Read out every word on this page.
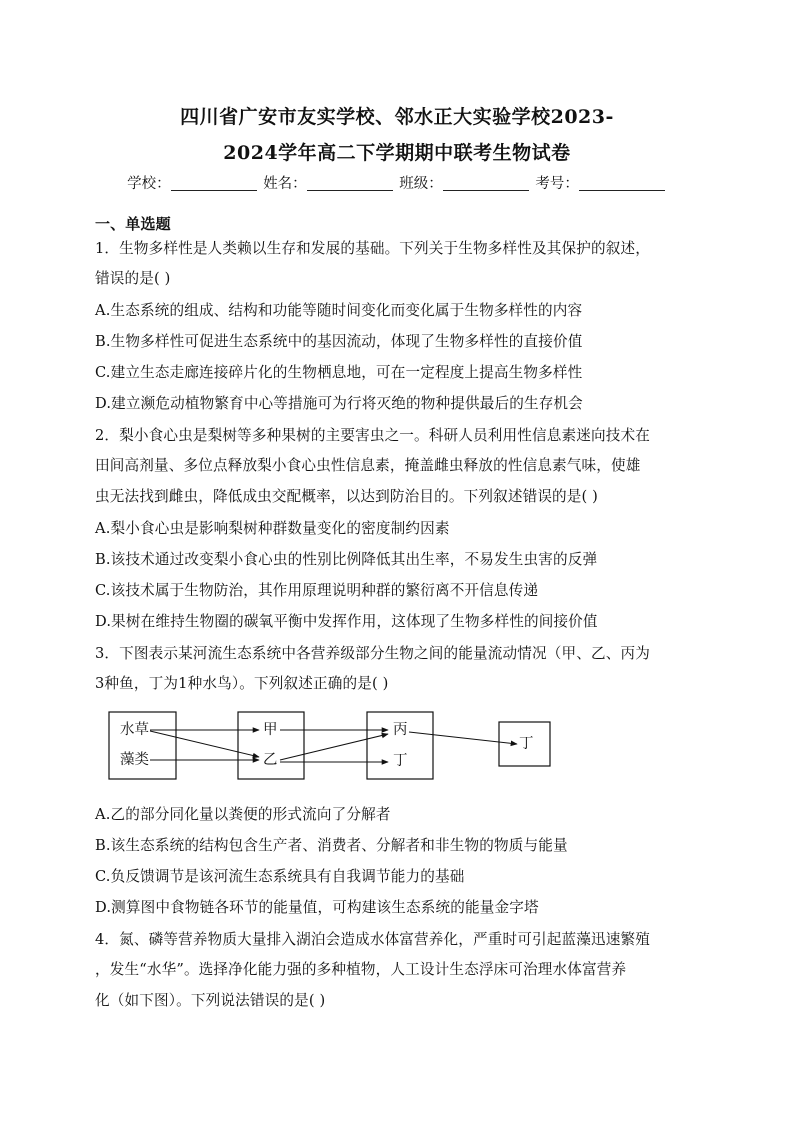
四川省广安市友实学校、邻水正大实验学校2023-
2024学年高二下学期期中联考生物试卷
学校：	姓名：	班级：	考号：
一、单选题
1．生物多样性是人类赖以生存和发展的基础。下列关于生物多样性及其保护的叙述，
错误的是( )
A.生态系统的组成、结构和功能等随时间变化而变化属于生物多样性的内容
B.生物多样性可促进生态系统中的基因流动，体现了生物多样性的直接价值
C.建立生态走廊连接碎片化的生物栖息地，可在一定程度上提高生物多样性
D.建立濒危动植物繁育中心等措施可为行将灭绝的物种提供最后的生存机会
2．梨小食心虫是梨树等多种果树的主要害虫之一。科研人员利用性信息素迷向技术在
田间高剂量、多位点释放梨小食心虫性信息素，掩盖雌虫释放的性信息素气味，使雄
虫无法找到雌虫，降低成虫交配概率，以达到防治目的。下列叙述错误的是( )
A.梨小食心虫是影响梨树种群数量变化的密度制约因素
B.该技术通过改变梨小食心虫的性别比例降低其出生率，不易发生虫害的反弹
C.该技术属于生物防治，其作用原理说明种群的繁衍离不开信息传递
D.果树在维持生物圈的碳氧平衡中发挥作用，这体现了生物多样性的间接价值
3．下图表示某河流生态系统中各营养级部分生物之间的能量流动情况（甲、乙、丙为
3种鱼，丁为1种水鸟）。下列叙述正确的是( )
水草
藻类
甲
乙
丙
丁
丁
A.乙的部分同化量以粪便的形式流向了分解者
B.该生态系统的结构包含生产者、消费者、分解者和非生物的物质与能量
C.负反馈调节是该河流生态系统具有自我调节能力的基础
D.测算图中食物链各环节的能量值，可构建该生态系统的能量金字塔
4．氮、磷等营养物质大量排入湖泊会造成水体富营养化，严重时可引起蓝藻迅速繁殖
，发生“水华”。选择净化能力强的多种植物，人工设计生态浮床可治理水体富营养
化（如下图）。下列说法错误的是( )
